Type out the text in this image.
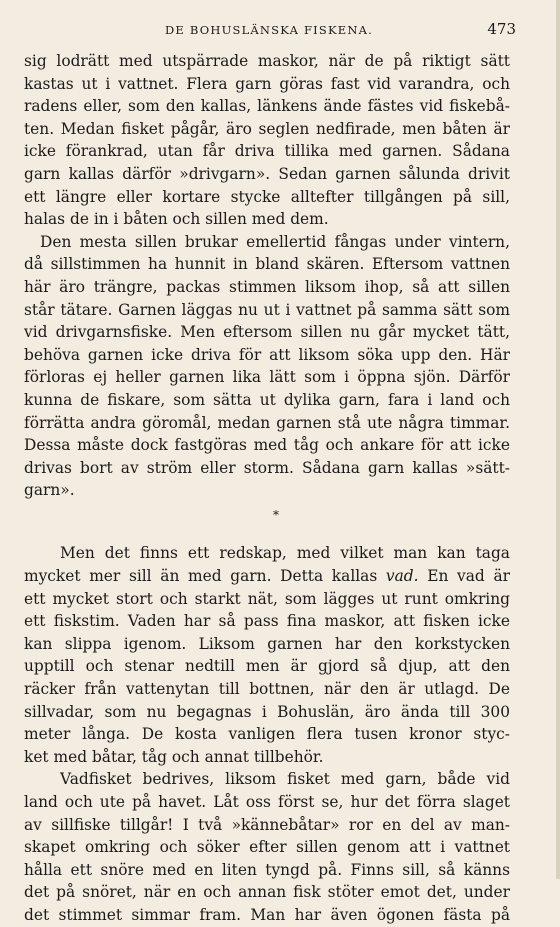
DE BOHUSLÄNSKA FISKENA.	473
sig lodrätt med utspärrade maskor, när de på riktigt sätt
kastas ut i vattnet. Flera garn göras fast vid varandra, och
radens eller, som den kallas, länkens ände fästes vid fiskebå-
ten. Medan fisket pågår, äro seglen nedfirade, men båten är
icke förankrad, utan får driva tillika med garnen. Sådana
garn kallas därför »drivgarn». Sedan garnen sålunda drivit
ett längre eller kortare stycke alltefter tillgången på sill,
halas de in i båten och sillen med dem.
Den mesta sillen brukar emellertid fångas under vintern,
då sillstimmen ha hunnit in bland skären. Eftersom vattnen
här äro trängre, packas stimmen liksom ihop, så att sillen
står tätare. Garnen läggas nu ut i vattnet på samma sätt som
vid drivgarnsfiske. Men eftersom sillen nu går mycket tätt,
behöva garnen icke driva för att liksom söka upp den. Här
förloras ej heller garnen lika lätt som i öppna sjön. Därför
kunna de fiskare, som sätta ut dylika garn, fara i land och
förrätta andra göromål, medan garnen stå ute några timmar.
Dessa måste dock fastgöras med tåg och ankare för att icke
drivas bort av ström eller storm. Sådana garn kallas »sätt-
garn».
*
Men det finns ett redskap, med vilket man kan taga
mycket mer sill än med garn. Detta kallas vad. En vad är
ett mycket stort och starkt nät, som lägges ut runt omkring
ett fiskstim. Vaden har så pass fina maskor, att fisken icke
kan slippa igenom. Liksom garnen har den korkstycken
upptill och stenar nedtill men är gjord så djup, att den
räcker från vattenytan till bottnen, när den är utlagd. De
sillvadar, som nu begagnas i Bohuslän, äro ända till 300
meter långa. De kosta vanligen flera tusen kronor styc-
ket med båtar, tåg och annat tillbehör.
Vadfisket bedrives, liksom fisket med garn, både vid
land och ute på havet. Låt oss först se, hur det förra slaget
av sillfiske tillgår! I två »kännebåtar» ror en del av man-
skapet omkring och söker efter sillen genom att i vattnet
hålla ett snöre med en liten tyngd på. Finns sill, så känns
det på snöret, när en och annan fisk stöter emot det, under
det stimmet simmar fram. Man har även ögonen fästa på
